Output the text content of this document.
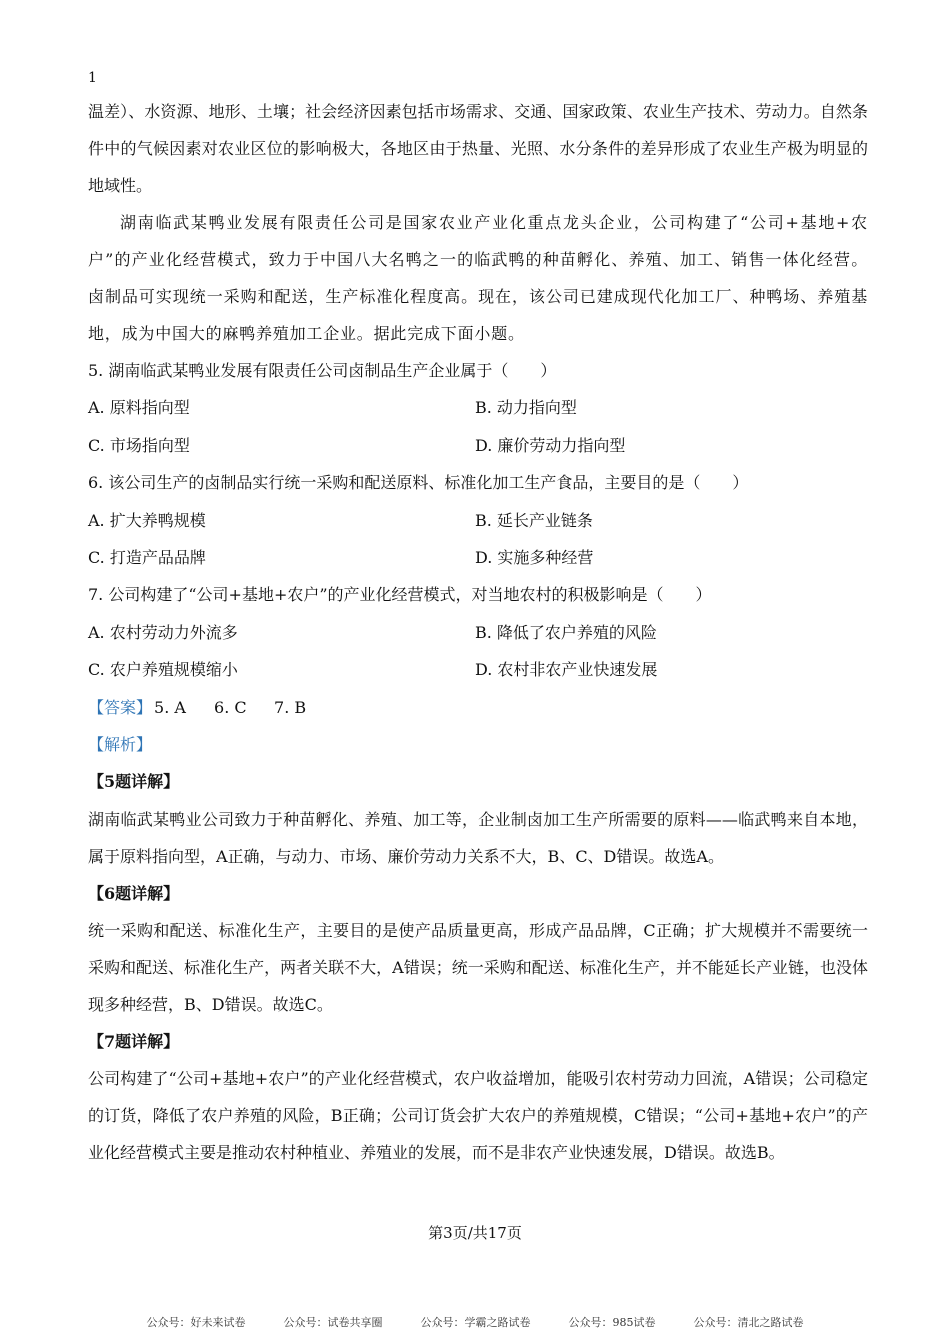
1

温差）、水资源、地形、土壤；社会经济因素包括市场需求、交通、国家政策、农业生产技术、劳动力。自然条件中的气候因素对农业区位的影响极大，各地区由于热量、光照、水分条件的差异形成了农业生产极为明显的地域性。

湖南临武某鸭业发展有限责任公司是国家农业产业化重点龙头企业，公司构建了“公司+基地+农户”的产业化经营模式，致力于中国八大名鸭之一的临武鸭的种苗孵化、养殖、加工、销售一体化经营。卤制品可实现统一采购和配送，生产标准化程度高。现在，该公司已建成现代化加工厂、种鸭场、养殖基地，成为中国大的麻鸭养殖加工企业。据此完成下面小题。

5. 湖南临武某鸭业发展有限责任公司卤制品生产企业属于（　　）
A. 原料指向型	B. 动力指向型
C. 市场指向型	D. 廉价劳动力指向型
6. 该公司生产的卤制品实行统一采购和配送原料、标准化加工生产食品，主要目的是（　　）
A. 扩大养鸭规模	B. 延长产业链条
C. 打造产品品牌	D. 实施多种经营
7. 公司构建了“公司+基地+农户”的产业化经营模式，对当地农村的积极影响是（　　）
A. 农村劳动力外流多	B. 降低了农户养殖的风险
C. 农户养殖规模缩小	D. 农村非农产业快速发展
【答案】 5. A 6. C 7. B
【解析】
【5题详解】

湖南临武某鸭业公司致力于种苗孵化、养殖、加工等，企业制卤加工生产所需要的原料——临武鸭来自本地，属于原料指向型，A正确，与动力、市场、廉价劳动力关系不大，B、C、D错误。故选A。

【6题详解】

统一采购和配送、标准化生产，主要目的是使产品质量更高，形成产品品牌，C正确；扩大规模并不需要统一采购和配送、标准化生产，两者关联不大，A错误；统一采购和配送、标准化生产，并不能延长产业链，也没体现多种经营，B、D错误。故选C。

【7题详解】

公司构建了“公司+基地+农户”的产业化经营模式，农户收益增加，能吸引农村劳动力回流，A错误；公司稳定的订货，降低了农户养殖的风险，B正确；公司订货会扩大农户的养殖规模，C错误；“公司+基地+农户”的产业化经营模式主要是推动农村种植业、养殖业的发展，而不是非农产业快速发展，D错误。故选B。

第3页/共17页
公众号：好未来试卷	公众号：试卷共享圈	公众号：学霸之路试卷	公众号：985试卷	公众号：清北之路试卷
